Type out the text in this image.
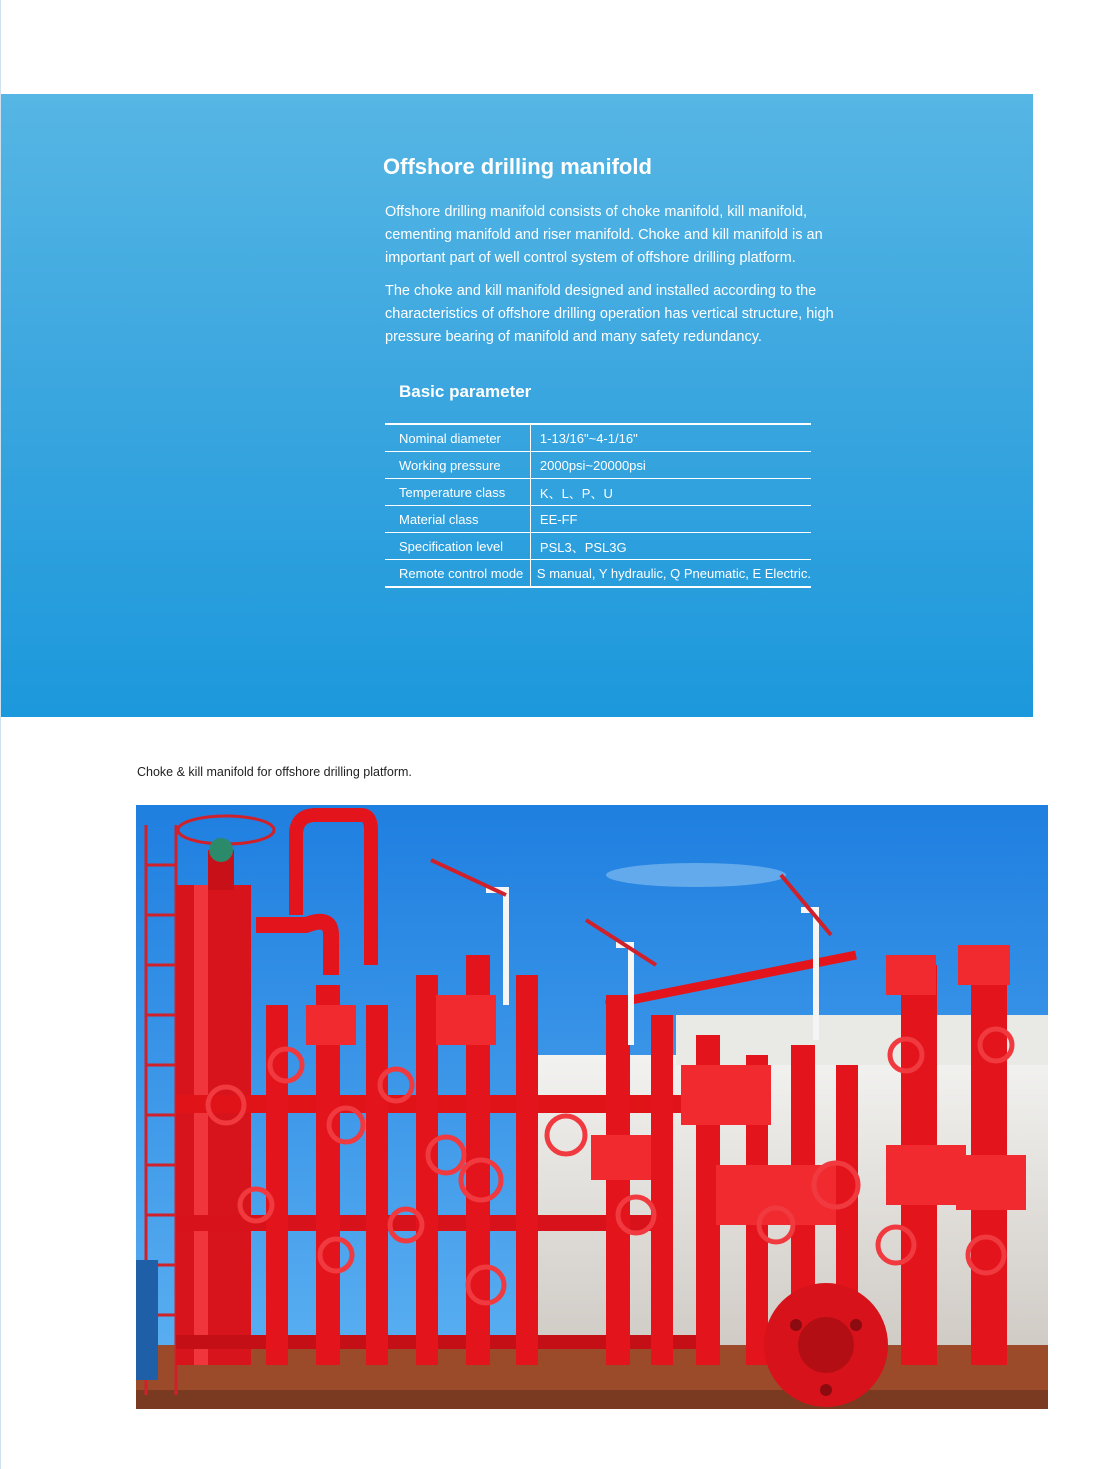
Offshore drilling manifold

Offshore drilling manifold consists of choke manifold, kill manifold, cementing manifold and riser manifold. Choke and kill manifold is an important part of well control system of offshore drilling platform.

The choke and kill manifold designed and installed according to the characteristics of offshore drilling operation has vertical structure, high pressure bearing of manifold and many safety redundancy.

Basic parameter
Nominal diameter	1-13/16"~4-1/16"
Working pressure	2000psi~20000psi
Temperature class	K、L、P、U
Material class	EE-FF
Specification level	PSL3、PSL3G
Remote control mode	S manual, Y hydraulic, Q Pneumatic, E Electric.

Choke & kill manifold for offshore drilling platform.
